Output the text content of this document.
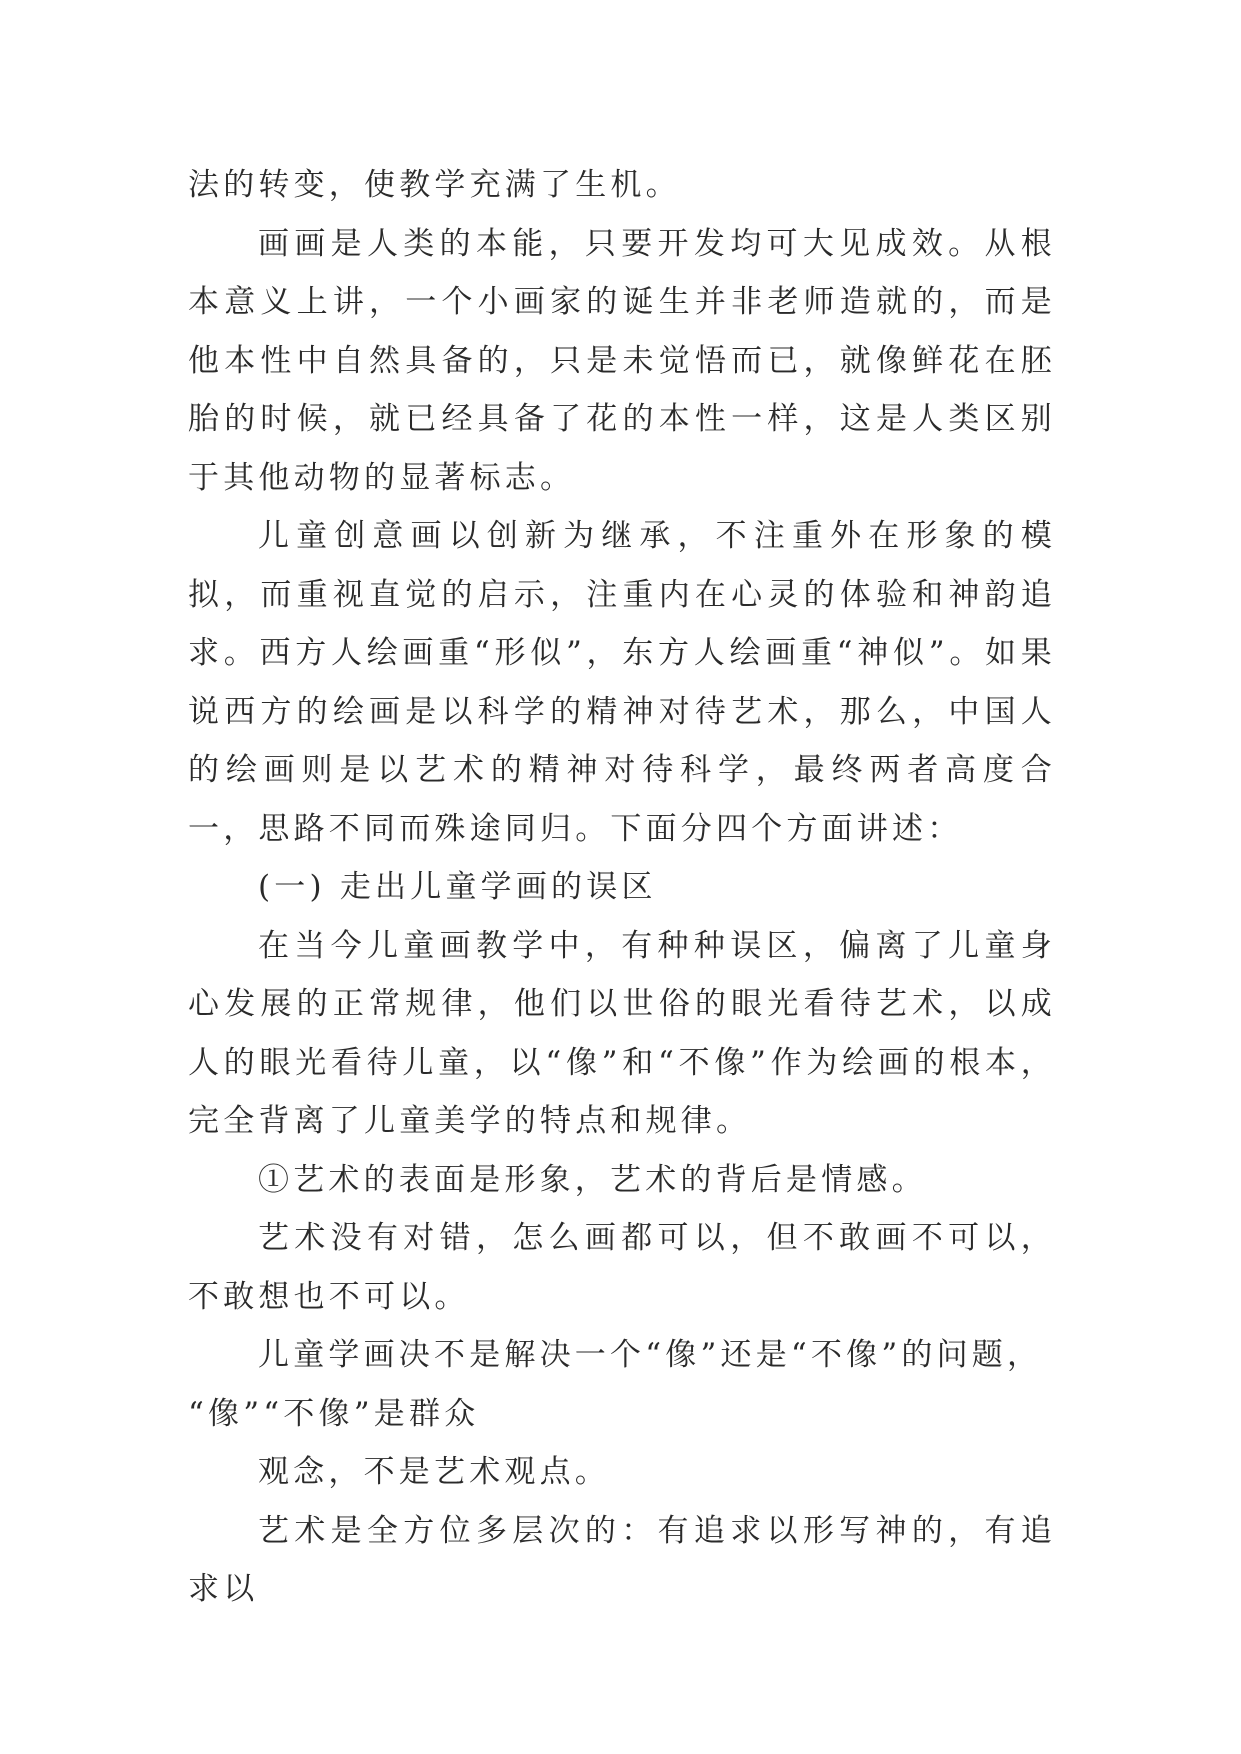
法的转变，使教学充满了生机。

画画是人类的本能，只要开发均可大见成效。从根本意义上讲，一个小画家的诞生并非老师造就的，而是他本性中自然具备的，只是未觉悟而已，就像鲜花在胚胎的时候，就已经具备了花的本性一样，这是人类区别于其他动物的显著标志。

儿童创意画以创新为继承，不注重外在形象的模拟，而重视直觉的启示，注重内在心灵的体验和神韵追求。西方人绘画重“形似”，东方人绘画重“神似”。如果说西方的绘画是以科学的精神对待艺术，那么，中国人的绘画则是以艺术的精神对待科学，最终两者高度合一，思路不同而殊途同归。下面分四个方面讲述：

(一) 走出儿童学画的误区

在当今儿童画教学中，有种种误区，偏离了儿童身心发展的正常规律，他们以世俗的眼光看待艺术，以成人的眼光看待儿童，以“像”和“不像”作为绘画的根本，完全背离了儿童美学的特点和规律。

①艺术的表面是形象，艺术的背后是情感。

艺术没有对错，怎么画都可以，但不敢画不可以，不敢想也不可以。

儿童学画决不是解决一个“像”还是“不像”的问题，

“像”“不像”是群众

观念，不是艺术观点。

艺术是全方位多层次的：有追求以形写神的，有追求以
